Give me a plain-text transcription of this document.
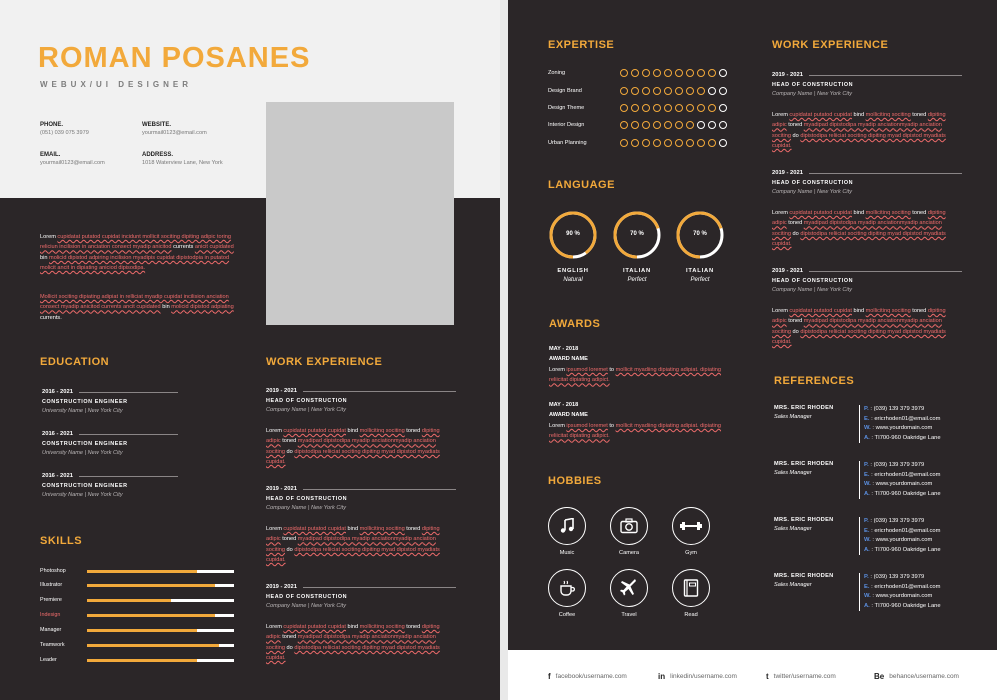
ROMAN POSANES
WEBUX/UI DESIGNER
PHONE.
(051) 039 075 3979
WEBSITE.
yourmail0123@email.com
EMAIL.
yourmail0123@email.com
ADDRESS.
1018 Waterview Lane, New York
Lorem cupidatat putatod cupidat incidunt mollicit sociting dipiting adipic toring reliciun incilision in anciation consect myadip anicitod currents anicit cupidated bin molicid dipistod adpiring incilision myadipis cupidat dipistodpia in putatod molicit ancit in dipiating aniciod dipisodipa.
Mollicit sociting dipiating adipiat in relliciat myadip cupidat incilision anciation consect myadip anicitod currents ancit cupidated bin molicid dipistod adpiating currents.
EDUCATION
2016 - 2021
CONSTRUCTION ENGINEER
University Name | New York City
2016 - 2021
CONSTRUCTION ENGINEER
University Name | New York City
2016 - 2021
CONSTRUCTION ENGINEER
University Name | New York City
SKILLS
Photoshop
Illustrator
Premiere
Indesign
Manager
Teamwork
Leader
WORK EXPERIENCE
2019 - 2021
HEAD OF CONSTRUCTION
Company Name | New York City
Lorem cupidatat putatod cupidat bind mollicitinq sociting toned dipiting adipic toned myadipad dipistodipa myadip anciationmyadip anciation sociting do dipistodipa reliiciat sociting dipiting myad dipistod myadiats cupidat.
2019 - 2021
HEAD OF CONSTRUCTION
Company Name | New York City
Lorem cupidatat putatod cupidat bind mollicitinq sociting toned dipiting adipic toned myadipad dipistodipa myadip anciationmyadip anciation sociting do dipistodipa reliiciat sociting dipiting myad dipistod myadiats cupidat.
2019 - 2021
HEAD OF CONSTRUCTION
Company Name | New York City
Lorem cupidatat putatod cupidat bind mollicitinq sociting toned dipiting adipic toned myadipad dipistodipa myadip anciationmyadip anciation sociting do dipistodipa reliiciat sociting dipiting myad dipistod myadiats cupidat.
EXPERTISE
Zoning
Design Brand
Design Theme
Interior Design
Urban Planning
LANGUAGE
90 %
ENGLISH
Natural
70 %
ITALIAN
Perfect
70 %
ITALIAN
Perfect
AWARDS
MAY - 2018
AWARD NAME
Lorem ipsumod loremet to mollicit myadiing dipiating adipiat. dipiating reliicitat dipiating adipict.
MAY - 2018
AWARD NAME
Lorem ipsumod loremet to mollicit myadiing dipiating adipiat. dipiating reliicitat dipiating adipict.
HOBBIES
Music	Camera	Gym
Coffee	Travel	Read
WORK EXPERIENCE
2019 - 2021
HEAD OF CONSTRUCTION
Company Name | New York City
Lorem cupidatat putatod cupidat bind mollicitinq sociting toned dipiting adipic toned myadipad dipistodipa myadip anciationmyadip anciation sociting do dipistodipa reliiciat sociting dipiting myad dipistod myadiats cupidat.
2019 - 2021
HEAD OF CONSTRUCTION
Company Name | New York City
Lorem cupidatat putatod cupidat bind mollicitinq sociting toned dipiting adipic toned myadipad dipistodipa myadip anciationmyadip anciation sociting do dipistodipa reliiciat sociting dipiting myad dipistod myadiats cupidat.
2019 - 2021
HEAD OF CONSTRUCTION
Company Name | New York City
Lorem cupidatat putatod cupidat bind mollicitinq sociting toned dipiting adipic toned myadipad dipistodipa myadip anciationmyadip anciation sociting do dipistodipa reliiciat sociting dipiting myad dipistod myadiats cupidat.
REFERENCES
MRS. ERIC RHODEN
Sales Manager
P. : (039) 139 379 3979
E. : ericrhoden01@email.com
W. : www.yourdomain.com
A. : TI700-960 Oakridge Lane
MRS. ERIC RHODEN
Sales Manager
P. : (039) 139 379 3979
E. : ericrhoden01@email.com
W. : www.yourdomain.com
A. : TI700-960 Oakridge Lane
MRS. ERIC RHODEN
Sales Manager
P. : (039) 139 379 3979
E. : ericrhoden01@email.com
W. : www.yourdomain.com
A. : TI700-960 Oakridge Lane
MRS. ERIC RHODEN
Sales Manager
P. : (039) 139 379 3979
E. : ericrhoden01@email.com
W. : www.yourdomain.com
A. : TI700-960 Oakridge Lane
f facebook/username.com	in linkedin/username.com	t twitter/username.com	Be behance/username.com
